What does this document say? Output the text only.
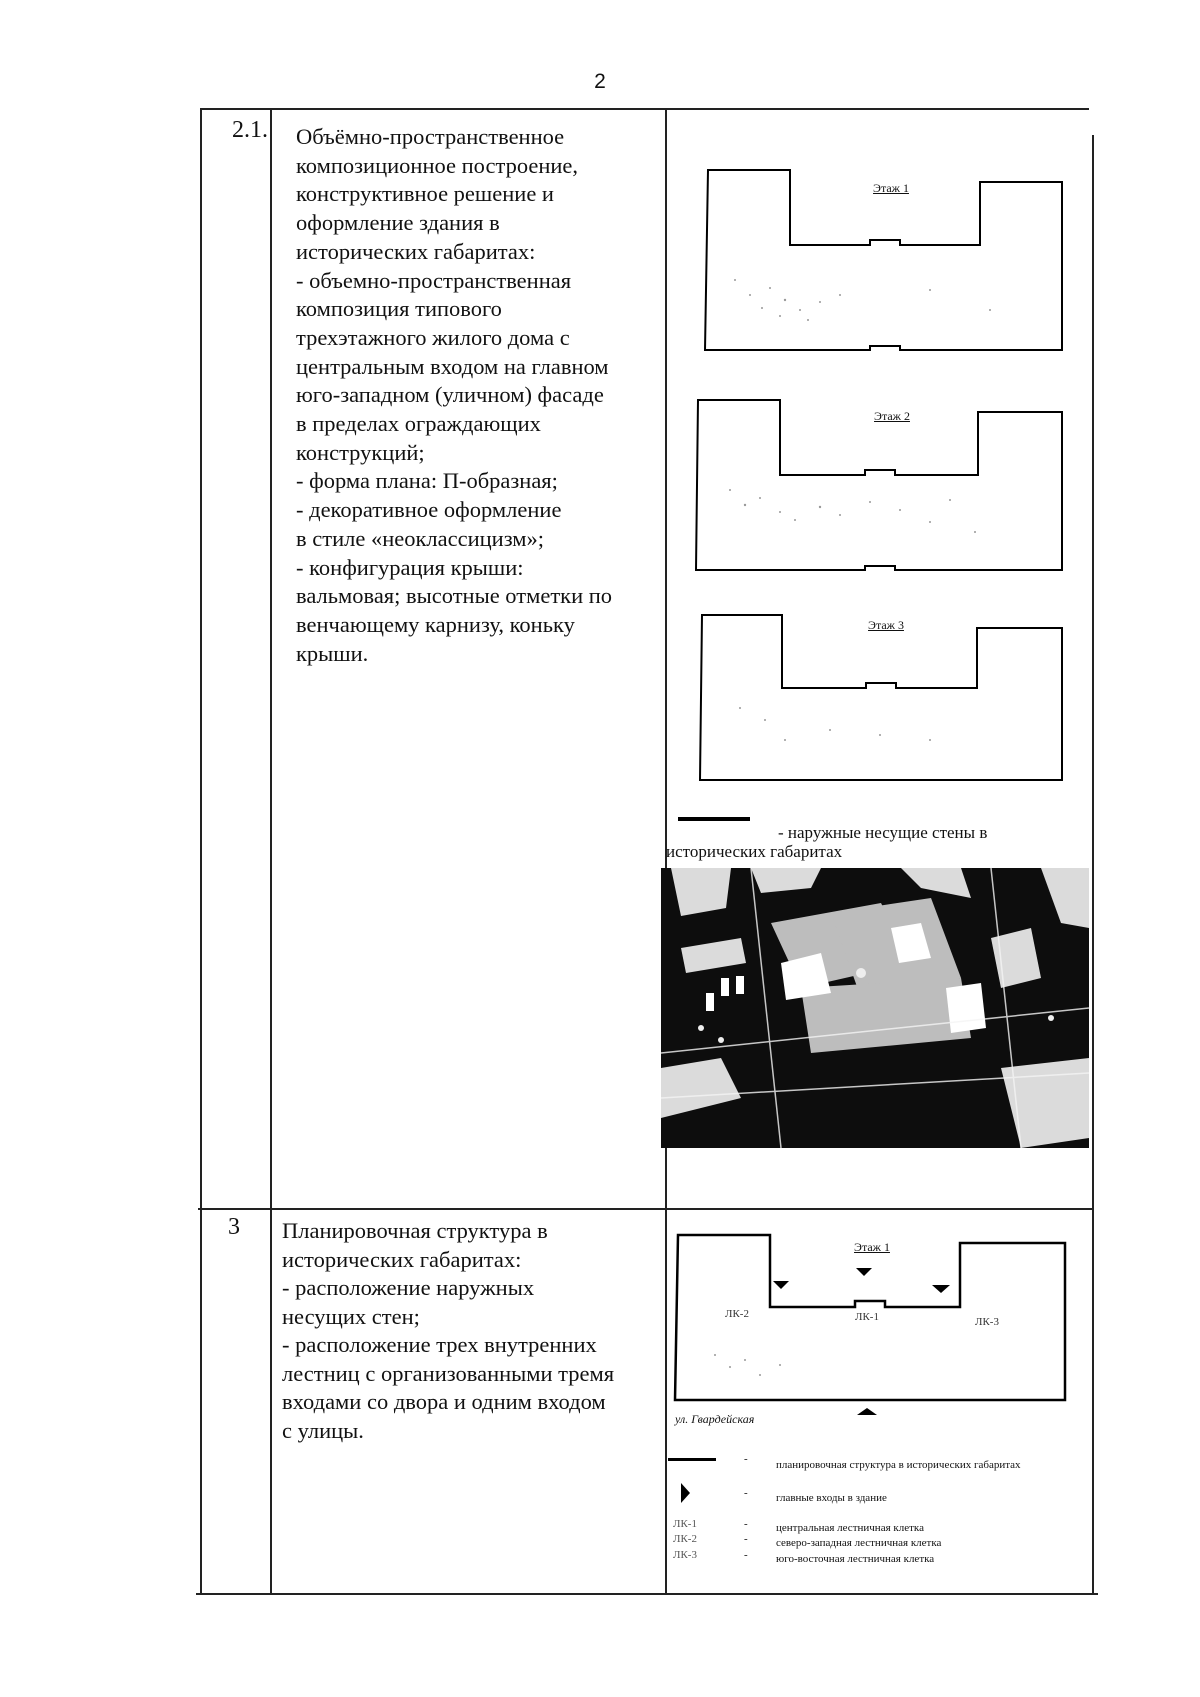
2
2.1. Объёмно-пространственное
композиционное построение,
конструктивное решение и
оформление здания в
исторических габаритах:
- объемно-пространственная
композиция типового
трехэтажного жилого дома с
центральным входом на главном
юго-западном (уличном) фасаде
в пределах ограждающих
конструкций;
- форма плана: П-образная;
- декоративное оформление
в стиле «неоклассицизм»;
- конфигурация крыши:
вальмовая; высотные отметки по
венчающему карнизу, коньку
крыши.
Этаж 1
Этаж 2
Этаж 3
- наружные несущие стены в
исторических габаритах
3 Планировочная структура в
исторических габаритах:
- расположение наружных
несущих стен;
- расположение трех внутренних
лестниц с организованными тремя
входами со двора и одним входом
с улицы.
Этаж 1
ЛК-2	ЛК-1	ЛК-3
ул. Гвардейская
-	планировочная структура в исторических габаритах
-	главные входы в здание
ЛК-1	-	центральная лестничная клетка
ЛК-2	-	северо-западная лестничная клетка
ЛК-3	-	юго-восточная лестничная клетка
